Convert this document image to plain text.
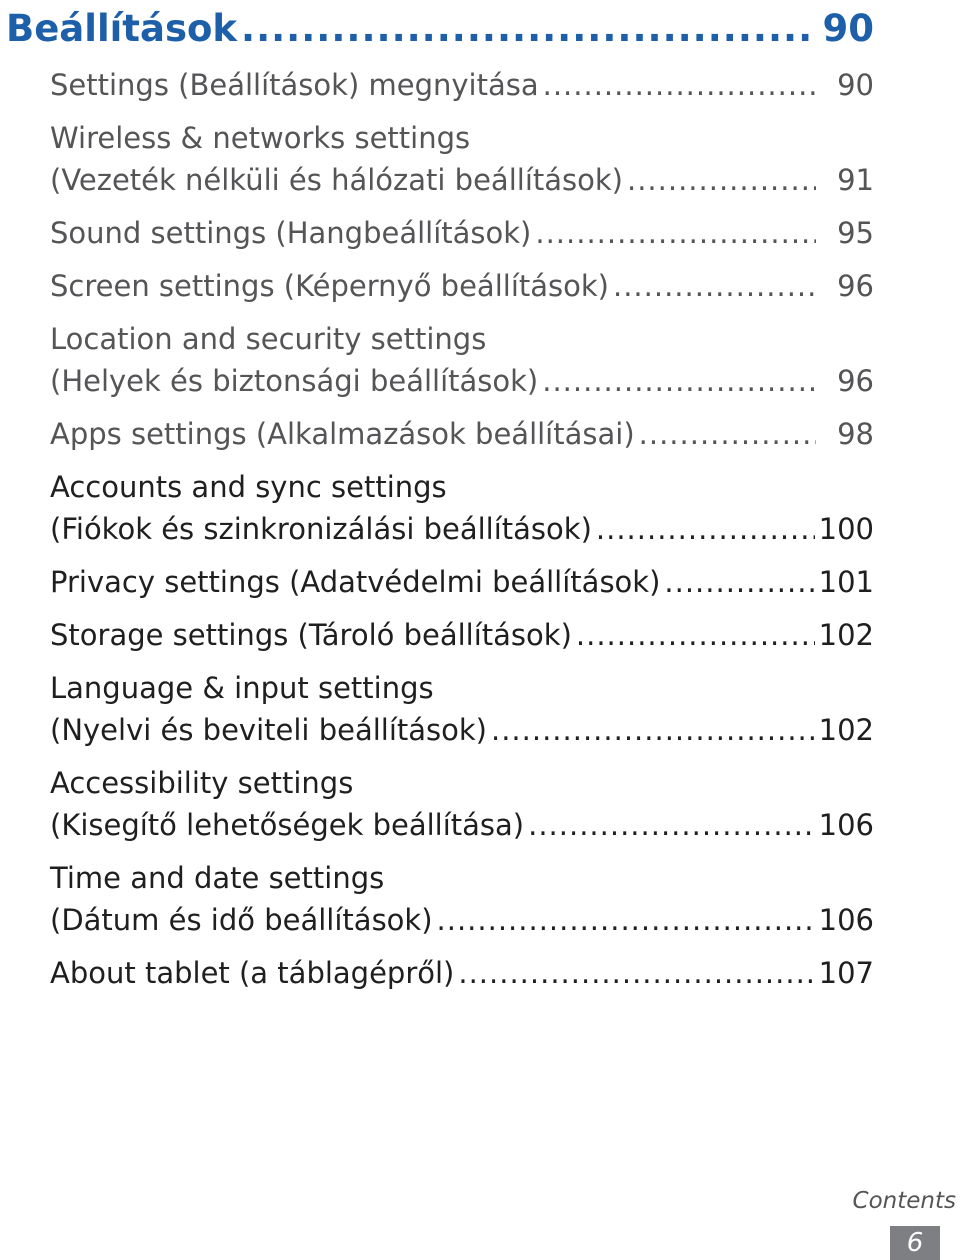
Beállítások .....	90
Settings (Beállítások) megnyitása .....	90
Wireless & networks settings
(Vezeték nélküli és hálózati beállítások) .....	91
Sound settings (Hangbeállítások) .....	95
Screen settings (Képernyő beállítások) .....	96
Location and security settings
(Helyek és biztonsági beállítások) .....	96
Apps settings (Alkalmazások beállításai) .....	98
Accounts and sync settings
(Fiókok és szinkronizálási beállítások) .....	100
Privacy settings (Adatvédelmi beállítások) .....	101
Storage settings (Tároló beállítások) .....	102
Language & input settings
(Nyelvi és beviteli beállítások) .....	102
Accessibility settings
(Kisegítő lehetőségek beállítása) .....	106
Time and date settings
(Dátum és idő beállítások) .....	106
About tablet (a táblagépről) .....	107
Contents
6
